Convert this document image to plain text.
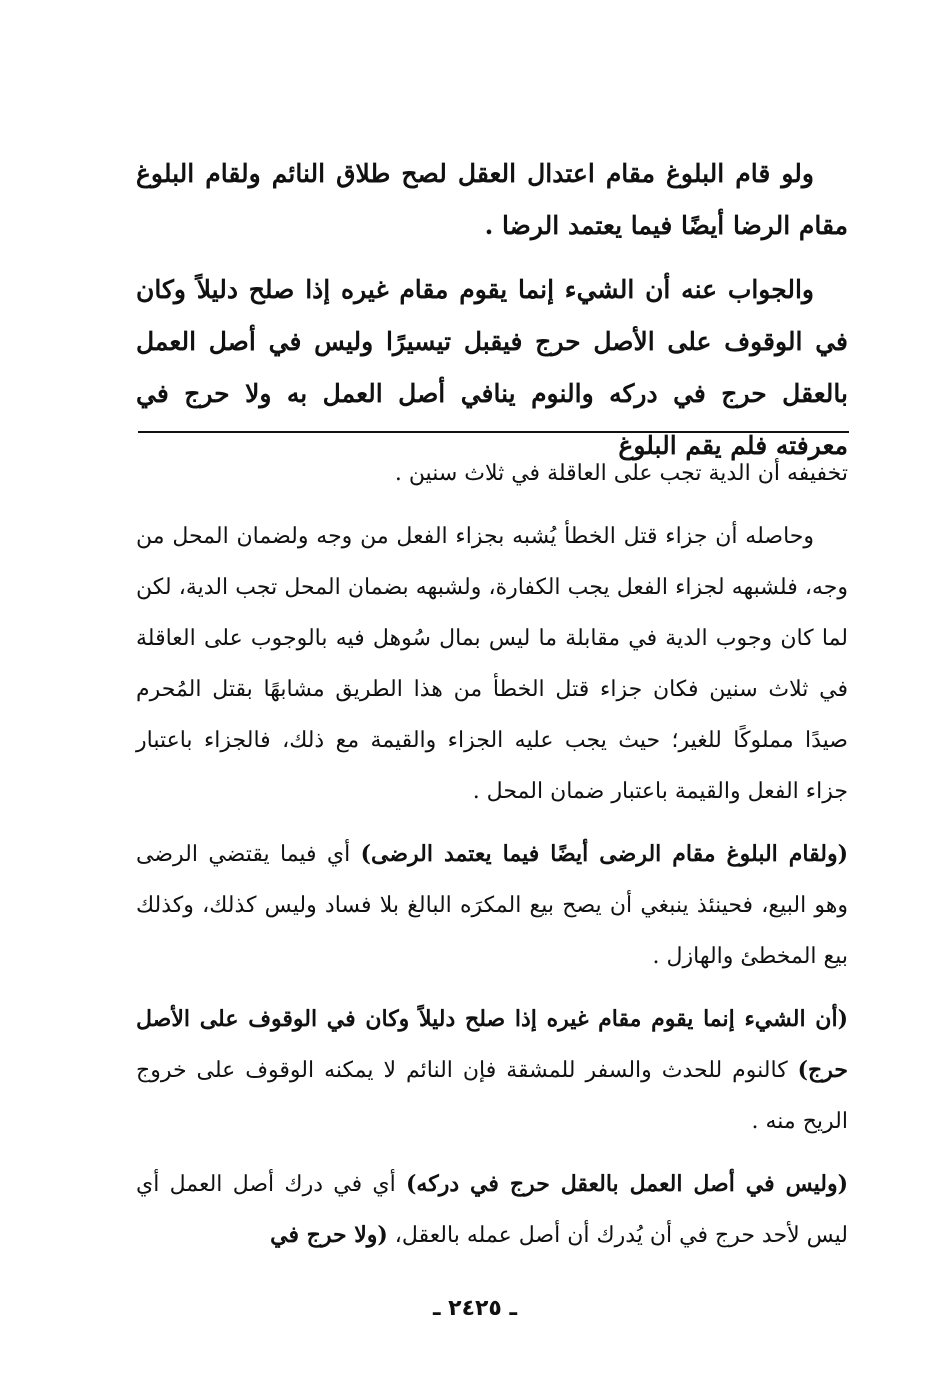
ولو قام البلوغ مقام اعتدال العقل لصح طلاق النائم ولقام البلوغ مقام الرضا أيضًا فيما يعتمد الرضا .

والجواب عنه أن الشيء إنما يقوم مقام غيره إذا صلح دليلاً وكان في الوقوف على الأصل حرج فيقبل تيسيرًا وليس في أصل العمل بالعقل حرج في دركه والنوم ينافي أصل العمل به ولا حرج في معرفته فلم يقم البلوغ

تخفيفه أن الدية تجب على العاقلة في ثلاث سنين .

وحاصله أن جزاء قتل الخطأ يُشبه بجزاء الفعل من وجه ولضمان المحل من وجه، فلشبهه لجزاء الفعل يجب الكفارة، ولشبهه بضمان المحل تجب الدية، لكن لما كان وجوب الدية في مقابلة ما ليس بمال سُوهل فيه بالوجوب على العاقلة في ثلاث سنين فكان جزاء قتل الخطأ من هذا الطريق مشابهًا بقتل المُحرم صيدًا مملوكًا للغير؛ حيث يجب عليه الجزاء والقيمة مع ذلك، فالجزاء باعتبار جزاء الفعل والقيمة باعتبار ضمان المحل .

(ولقام البلوغ مقام الرضى أيضًا فيما يعتمد الرضى) أي فيما يقتضي الرضى وهو البيع، فحينئذ ينبغي أن يصح بيع المكرَه البالغ بلا فساد وليس كذلك، وكذلك بيع المخطئ والهازل .

(أن الشيء إنما يقوم مقام غيره إذا صلح دليلاً وكان في الوقوف على الأصل حرج) كالنوم للحدث والسفر للمشقة فإن النائم لا يمكنه الوقوف على خروج الريح منه .

(وليس في أصل العمل بالعقل حرج في دركه) أي في درك أصل العمل أي ليس لأحد حرج في أن يُدرك أن أصل عمله بالعقل، (ولا حرج في

ـ ٢٤٢٥ ـ
